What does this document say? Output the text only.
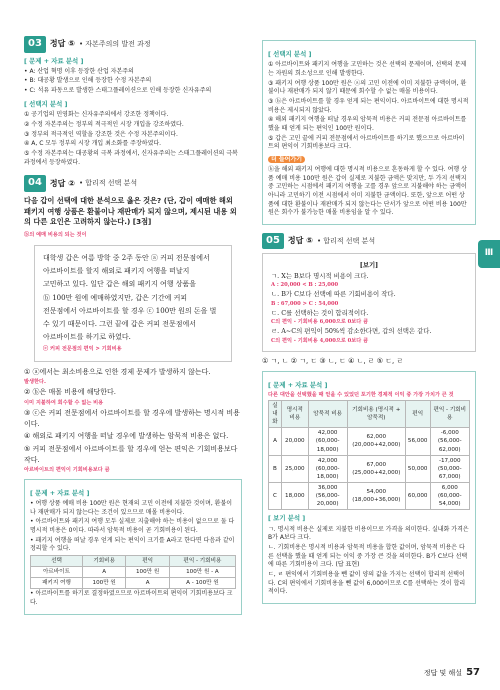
03	정답 ⑤ • 자본주의의 발전 과정
[ 문제 + 자료 분석 ]
• A: 산업 혁명 이후 등장한 산업 자본주의
• B: 대공황 발생으로 인해 등장한 수정 자본주의
• C: 석유 파동으로 발생한 스태그플레이션으로 인해 등장한 신자유주의
[ 선택지 분석 ]
① 공기업의 민영화는 신자유주의에서 강조한 정책이다.
② 수정 자본주의는 정부의 적극적인 시장 개입을 강조하였다.
③ 정부의 적극적인 역할을 강조한 것은 수정 자본주의이다.
④ A, C 모두 정부의 시장 개입 최소화를 주장하였다.
⑤ 수정 자본주의는 대공황의 극복 과정에서, 신자유주의는 스태그플레이션의 극복 과정에서 등장하였다.
04	정답 ② • 합리적 선택 분석
다음 갑이 선택에 대한 분석으로 옳은 것은? (단, 갑이 예매한 해외 패키지 여행 상품은 환불이나 재판매가 되지 않으며, 제시된 내용 외의 다른 요인은 고려하지 않는다.) [3점]
ⓑ의 예매 비용의 되는 것이
대학생 갑은 여름 방학 중 2주 동안 ⓐ 커피 전문점에서
아르바이트를 할지 해외로 패키지 여행을 떠날지
고민하고 있다. 일단 갑은 해외 패키지 여행 상품을
ⓑ 100만 원에 예매하였지만, 갑은 기간에 커피
전문점에서 아르바이트를 할 경우 ⓒ 100만 원의 돈을 벌
수 있기 때문이다. 그런 끝에 갑은 커피 전문점에서
아르바이트를 하기로 하였다.
ⓒ 커피 전문점의 편익 > 기회비용
① ⓐ에서는 최소비용으로 인한 경제 문제가 발생하지 않는다.
발생한다.
② ⓑ은 매몰 비용에 해당한다.
이미 지불하여 회수할 수 없는 비용
③ ⓒ은 커피 전문점에서 아르바이트를 할 경우에 발생하는 명시적 비용이다.
④ 해외로 패키지 여행을 떠날 경우에 발생하는 암묵적 비용은 없다.
⑤ 커피 전문점에서 아르바이트를 할 경우에 얻는 편익은 기회비용보다 작다.
아르바이트의 편익이 기회비용보다 큼
[ 문제 + 자료 분석 ]
• 여행 상품 예매 비용 100만 원은 현재의 고민 이전에 지불한 것이며, 환불이나 재판매가 되지 않는다는 조건이 있으므로 매몰 비용이다.
• 아르바이트와 패키지 여행 모두 실제로 지출해야 하는 비용이 없으므로 둘 다 명시적 비용은 0이다. 따라서 암묵적 비용이 곧 기회비용이 된다.
• 패키지 여행을 떠날 경우 얻게 되는 편익이 크기를 A라고 한다면 다음과 같이 정리할 수 있다.
선택	기회비용	편익	편익 - 기회비용
아르바이트	A	100만 원	100만 원 - A
패키지 여행	100만 원	A	A - 100만 원
• 아르바이트를 하기로 결정하였으므로 아르바이트의 편익이 기회비용보다 크다.
[ 선택지 분석 ]
① 아르바이트와 패키지 여행을 고민하는 것은 선택의 문제이며, 선택의 문제는 자원의 희소성으로 인해 발생한다.
③ 패키지 여행 상품 100만 원은 ⓐ의 고민 이전에 이미 지불한 금액이며, 환불이나 재판매가 되지 않기 때문에 회수할 수 없는 매몰 비용이다.
③ ⓑ은 아르바이트를 할 경우 얻게 되는 편익이다. 아르바이트에 대한 명시적 비용은 제시되지 않았다.
④ 해외 패키지 여행을 떠날 경우의 암묵적 비용은 커피 전문점 아르바이트를 했을 때 얻게 되는 편익인 100만 원이다.
⑤ 갑은 고민 끝에 커피 전문점에서 아르바이트를 하기로 했으므로 아르바이트의 편익이 기회비용보다 크다.
더 들어가기
ⓑ을 해외 패키지 여행에 대한 명시적 비용으로 혼동하게 할 수 있다. 여행 상품 예매 비용 100만 원은 갑이 실제로 지불한 금액은 맞지만, 두 가지 선택지 중 고민하는 시점에서 패키지 여행을 고를 경우 앞으로 지불해야 하는 금액이 아니라 고민하기 이전 시점에서 이미 지불한 금액이다. 또한, 앞으로 어떤 상품에 대한 환불이나 재판매가 되지 않는다는 단서가 앞으로 어떤 비용 100만 원은 회수가 불가능한 매몰 비용임을 알 수 있다.
05	정답 ⑤ • 합리적 선택 분석
[보기]
ㄱ. X는 B보다 명시적 비용이 크다.
A : 20,000 < B : 25,000
ㄴ. B가 C보다 선택에 따른 기회비용이 작다.
B : 67,000 > C : 54,000
ㄷ. C를 선택하는 것이 합리적이다.
C의 편익 - 기회비용 6,000으로 0보다 큼
ㄹ. A~C의 편익이 50%씩 감소한다면, 갑의 선택은 같다.
C의 편익 - 기회비용 4,000으로 0보다 큼
① ㄱ, ㄴ ② ㄱ, ㄷ ③ ㄴ, ㄷ ④ ㄴ, ㄹ ⑤ ㄷ, ㄹ
[ 문제 + 자료 분석 ]
다른 대안을 선택했을 때 얻을 수 있었던 포기한 경제적 이익 중 가장 가치가 큰 것
실내화	명시적 비용	암묵적 비용	기회비용 (명시적 + 암묵적)	편익	편익 - 기회비용
A	20,000	42,000 (60,000-18,000)	62,000 (20,000+42,000)	56,000	-6,000 (56,000-62,000)
B	25,000	42,000 (60,000-18,000)	67,000 (25,000+42,000)	50,000	-17,000 (50,000-67,000)
C	18,000	36,000 (56,000-20,000)	54,000 (18,000+36,000)	60,000	6,000 (60,000-54,000)
[ 보기 분석 ]
ㄱ. 명시적 비용은 실제로 지불한 비용이므로 가격을 의미한다. 실내화 가격은 B가 A보다 크다.
ㄴ. 기회비용은 명시적 비용과 암묵적 비용을 합한 값이며, 암묵적 비용은 다른 선택을 했을 때 얻게 되는 이익 중 가장 큰 것을 의미한다. B가 C보다 선택에 따른 기회비용이 크다. (답 표현)
ㄷ, ㄹ 편익에서 기회비용을 뺀 값이 양의 값을 가지는 선택이 합리적 선택이다. C의 편익에서 기회비용을 뺀 값이 6,000이므로 C를 선택하는 것이 합리적이다.
Ⅲ
정답 및 해설 57
